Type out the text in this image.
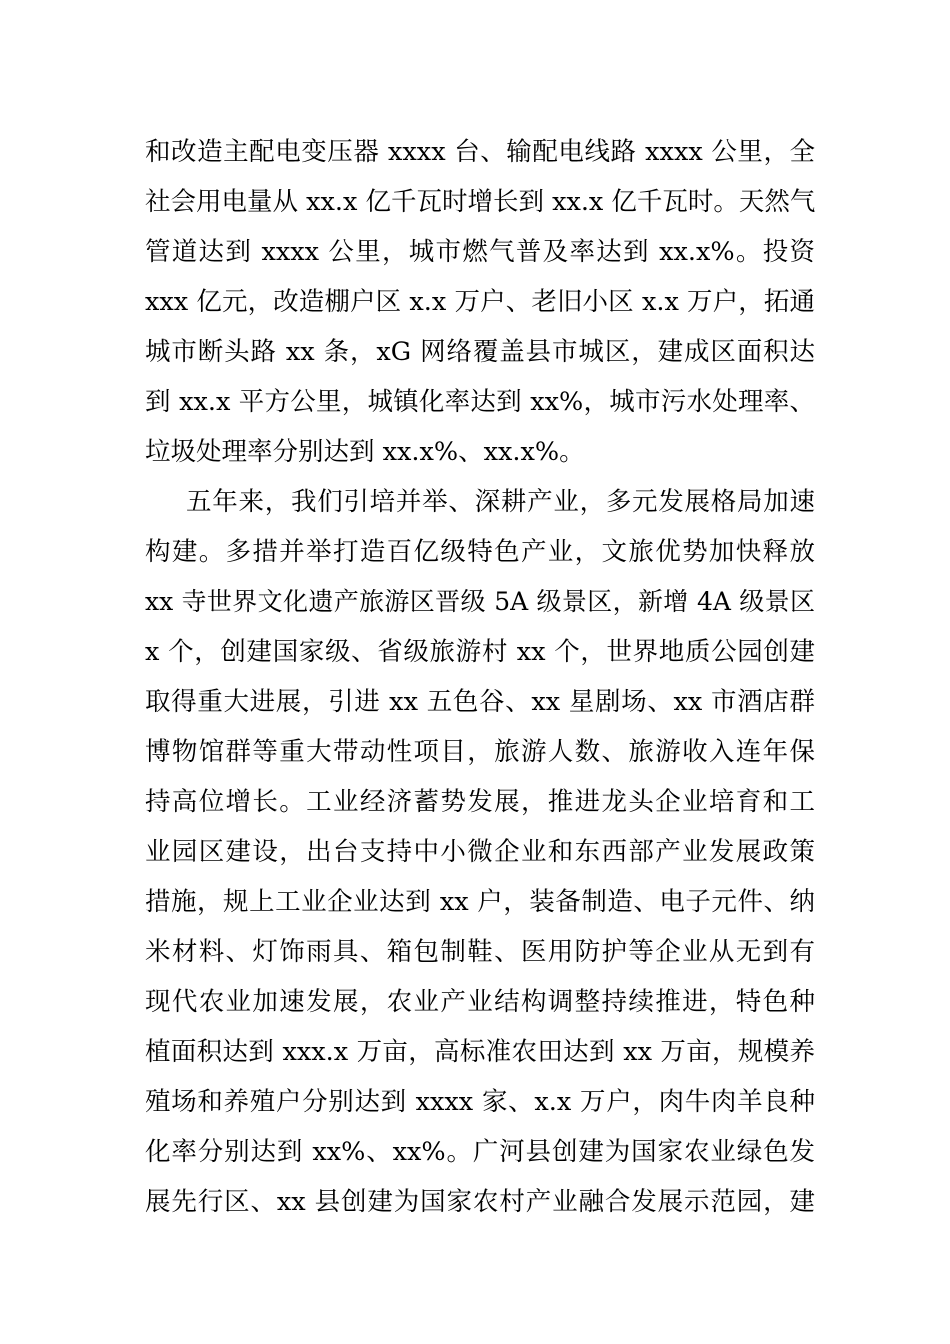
和改造主配电变压器 xxxx 台、输配电线路 xxxx 公里，全
社会用电量从 xx.x 亿千瓦时增长到 xx.x 亿千瓦时。天然气
管道达到 xxxx 公里，城市燃气普及率达到 xx.x%。投资
xxx 亿元，改造棚户区 x.x 万户、老旧小区 x.x 万户，拓通
城市断头路 xx 条，xG 网络覆盖县市城区，建成区面积达
到 xx.x 平方公里，城镇化率达到 xx%，城市污水处理率、
垃圾处理率分别达到 xx.x%、xx.x%。
五年来，我们引培并举、深耕产业，多元发展格局加速
构建。多措并举打造百亿级特色产业，文旅优势加快释放
xx 寺世界文化遗产旅游区晋级 5A 级景区，新增 4A 级景区
x 个，创建国家级、省级旅游村 xx 个，世界地质公园创建
取得重大进展，引进 xx 五色谷、xx 星剧场、xx 市酒店群
博物馆群等重大带动性项目，旅游人数、旅游收入连年保
持高位增长。工业经济蓄势发展，推进龙头企业培育和工
业园区建设，出台支持中小微企业和东西部产业发展政策
措施，规上工业企业达到 xx 户，装备制造、电子元件、纳
米材料、灯饰雨具、箱包制鞋、医用防护等企业从无到有
现代农业加速发展，农业产业结构调整持续推进，特色种
植面积达到 xxx.x 万亩，高标准农田达到 xx 万亩，规模养
殖场和养殖户分别达到 xxxx 家、x.x 万户，肉牛肉羊良种
化率分别达到 xx%、xx%。广河县创建为国家农业绿色发
展先行区、xx 县创建为国家农村产业融合发展示范园，建
